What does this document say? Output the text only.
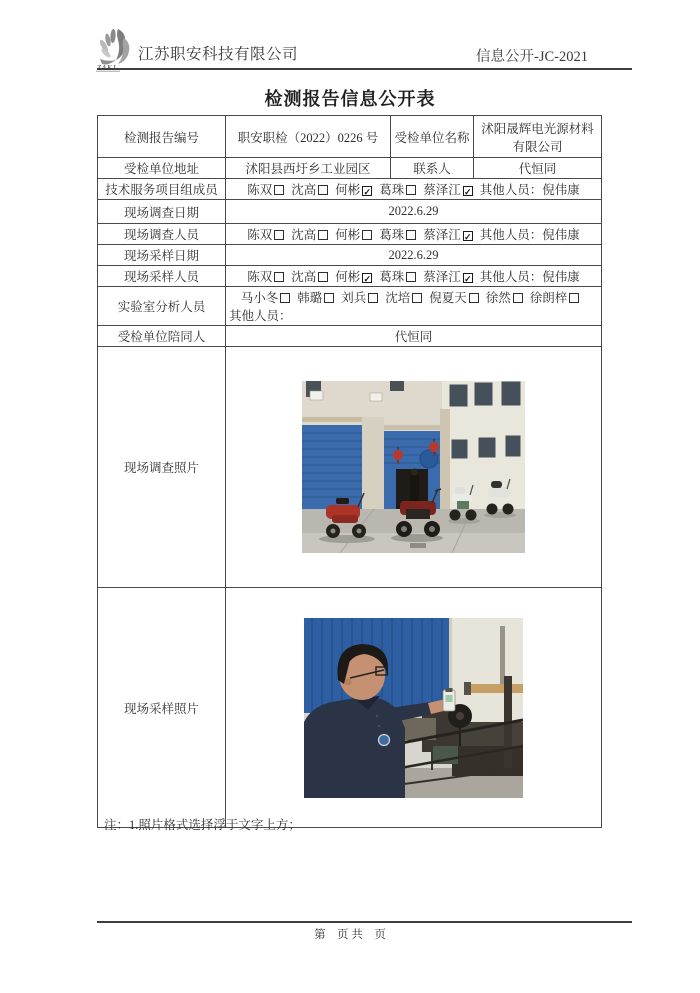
江苏职安科技有限公司	信息公开-JC-2021
检测报告信息公开表
检测报告编号	职安职检（2022）0226 号	受检单位名称	沭阳晟辉电光源材料有限公司
受检单位地址	沭阳县西圩乡工业园区	联系人	代恒同
技术服务项目组成员	陈双 沈高 何彬 ✓ 葛珠 蔡泽江 ✓ 其他人员：倪伟康		
现场调查日期	2022.6.29		
现场调查人员	陈双 沈高 何彬 葛珠 蔡泽江 ✓ 其他人员：倪伟康		
现场采样日期	2022.6.29		
现场采样人员	陈双 沈高 何彬 ✓ 葛珠 蔡泽江 ✓ 其他人员：倪伟康		
实验室分析人员	马小冬 韩璐 刘兵 沈培 倪夏天 徐然 徐朗梓
其他人员：		

受检单位陪同人	代恒同		
现场调查照片	
现场采样照片	
注：1.照片格式选择浮于文字上方；
第    页 共    页
